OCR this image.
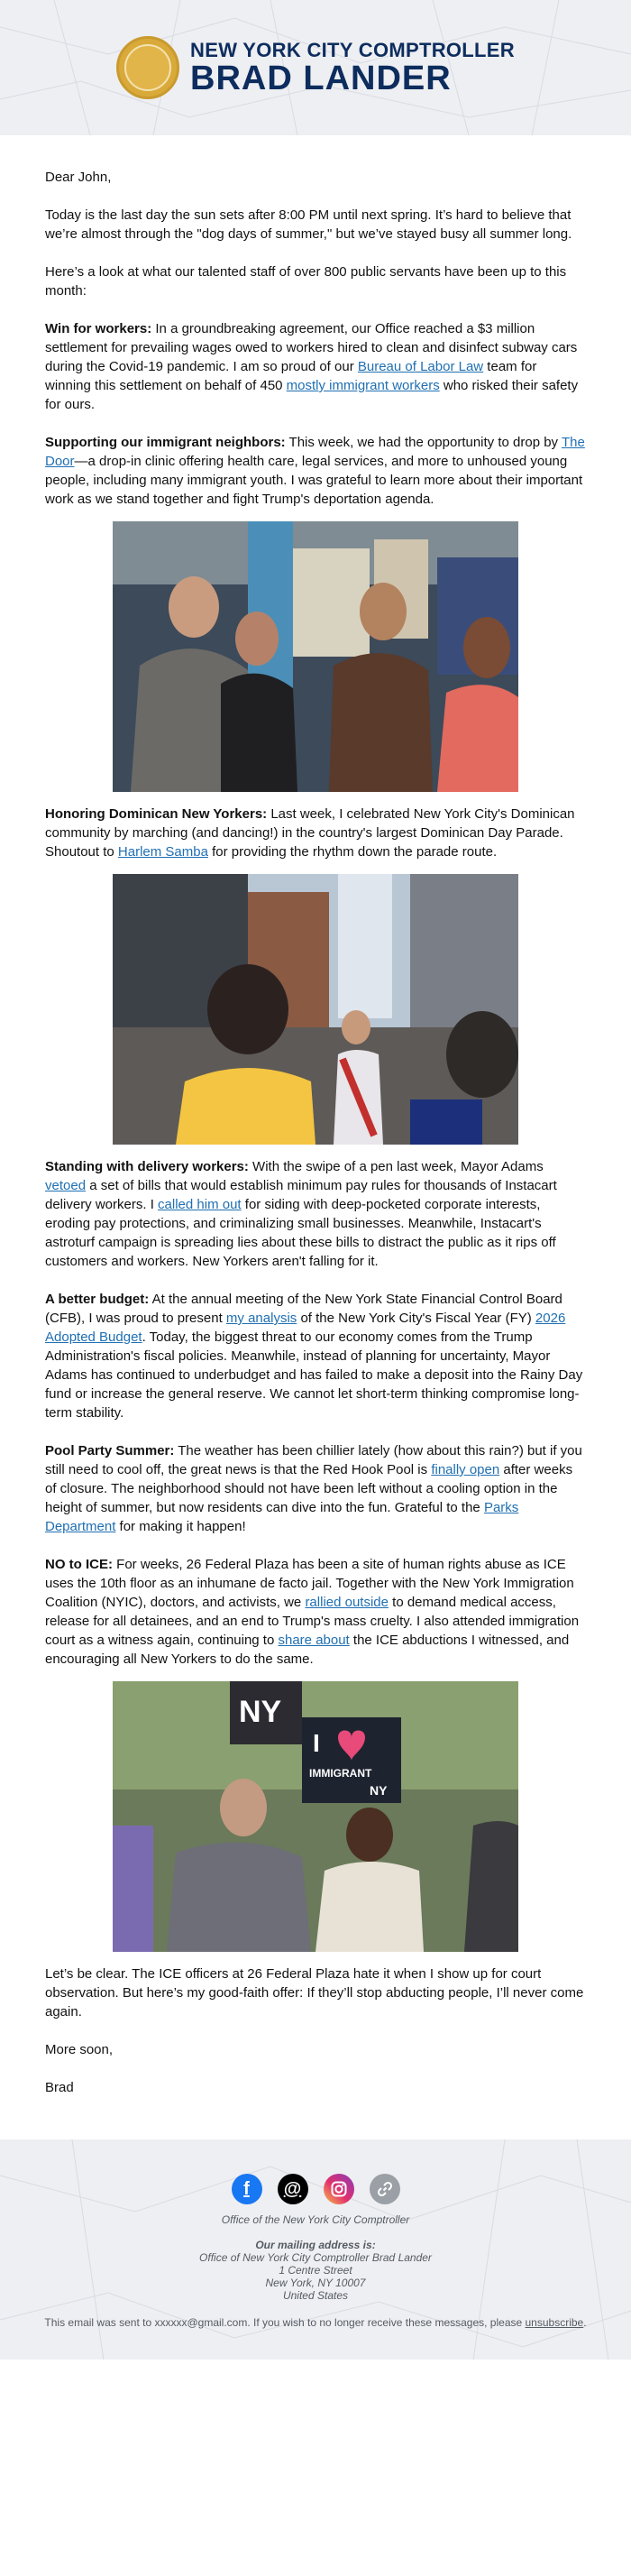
NEW YORK CITY COMPTROLLER
BRAD LANDER

Dear John,

Today is the last day the sun sets after 8:00 PM until next spring. It’s hard to believe that we’re almost through the "dog days of summer," but we’ve stayed busy all summer long.

Here’s a look at what our talented staff of over 800 public servants have been up to this month:

Win for workers: In a groundbreaking agreement, our Office reached a $3 million settlement for prevailing wages owed to workers hired to clean and disinfect subway cars during the Covid-19 pandemic. I am so proud of our Bureau of Labor Law team for winning this settlement on behalf of 450 mostly immigrant workers who risked their safety for ours.

Supporting our immigrant neighbors: This week, we had the opportunity to drop by The Door—a drop-in clinic offering health care, legal services, and more to unhoused young people, including many immigrant youth. I was grateful to learn more about their important work as we stand together and fight Trump's deportation agenda.

Honoring Dominican New Yorkers: Last week, I celebrated New York City's Dominican community by marching (and dancing!) in the country's largest Dominican Day Parade. Shoutout to Harlem Samba for providing the rhythm down the parade route.

Standing with delivery workers: With the swipe of a pen last week, Mayor Adams vetoed a set of bills that would establish minimum pay rules for thousands of Instacart delivery workers. I called him out for siding with deep-pocketed corporate interests, eroding pay protections, and criminalizing small businesses. Meanwhile, Instacart's astroturf campaign is spreading lies about these bills to distract the public as it rips off customers and workers. New Yorkers aren't falling for it.

A better budget: At the annual meeting of the New York State Financial Control Board (CFB), I was proud to present my analysis of the New York City's Fiscal Year (FY) 2026 Adopted Budget. Today, the biggest threat to our economy comes from the Trump Administration's fiscal policies. Meanwhile, instead of planning for uncertainty, Mayor Adams has continued to underbudget and has failed to make a deposit into the Rainy Day fund or increase the general reserve. We cannot let short-term thinking compromise long-term stability.

Pool Party Summer: The weather has been chillier lately (how about this rain?) but if you still need to cool off, the great news is that the Red Hook Pool is finally open after weeks of closure. The neighborhood should not have been left without a cooling option in the height of summer, but now residents can dive into the fun. Grateful to the Parks Department for making it happen!

NO to ICE: For weeks, 26 Federal Plaza has been a site of human rights abuse as ICE uses the 10th floor as an inhumane de facto jail. Together with the New York Immigration Coalition (NYIC), doctors, and activists, we rallied outside to demand medical access, release for all detainees, and an end to Trump's mass cruelty. I also attended immigration court as a witness again, continuing to share about the ICE abductions I witnessed, and encouraging all New Yorkers to do the same.

NY
I
IMMIGRANT
NY

Let’s be clear. The ICE officers at 26 Federal Plaza hate it when I show up for court observation. But here’s my good-faith offer: If they’ll stop abducting people, I’ll never come again.

More soon,

Brad

f	@
Office of the New York City Comptroller
Our mailing address is:
Office of New York City Comptroller Brad Lander
1 Centre Street
New York, NY 10007
United States
This email was sent to xxxxxx@gmail.com. If you wish to no longer receive these messages, please unsubscribe.
